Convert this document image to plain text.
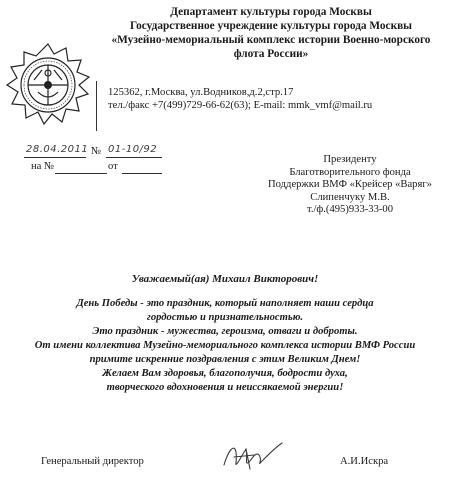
Департамент культуры города Москвы
Государственное учреждение культуры города Москвы
«Музейно-мемориальный комплекс истории Военно-морского
флота России»
125362, г.Москва, ул.Водников,д.2,стр.17
тел./факс +7(499)729-66-62(63); E-mail: mmk_vmf@mail.ru
28.04.2011 № 01-10/92
на №	от
Президенту
Благотворительного фонда
Поддержки ВМФ «Крейсер «Варяг»
Слипенчуку М.В.
т./ф.(495)933-33-00
Уважаемый(ая) Михаил Викторович!
День Победы - это праздник, который наполняет наши сердца
гордостью и признательностью.
Это праздник - мужества, героизма, отваги и доброты.
От имени коллектива Музейно-мемориального комплекса истории ВМФ России
примите искренние поздравления с этим Великим Днем!
Желаем Вам здоровья, благополучия, бодрости духа,
творческого вдохновения и неиссякаемой энергии!
Генеральный директор	А.И.Искра
